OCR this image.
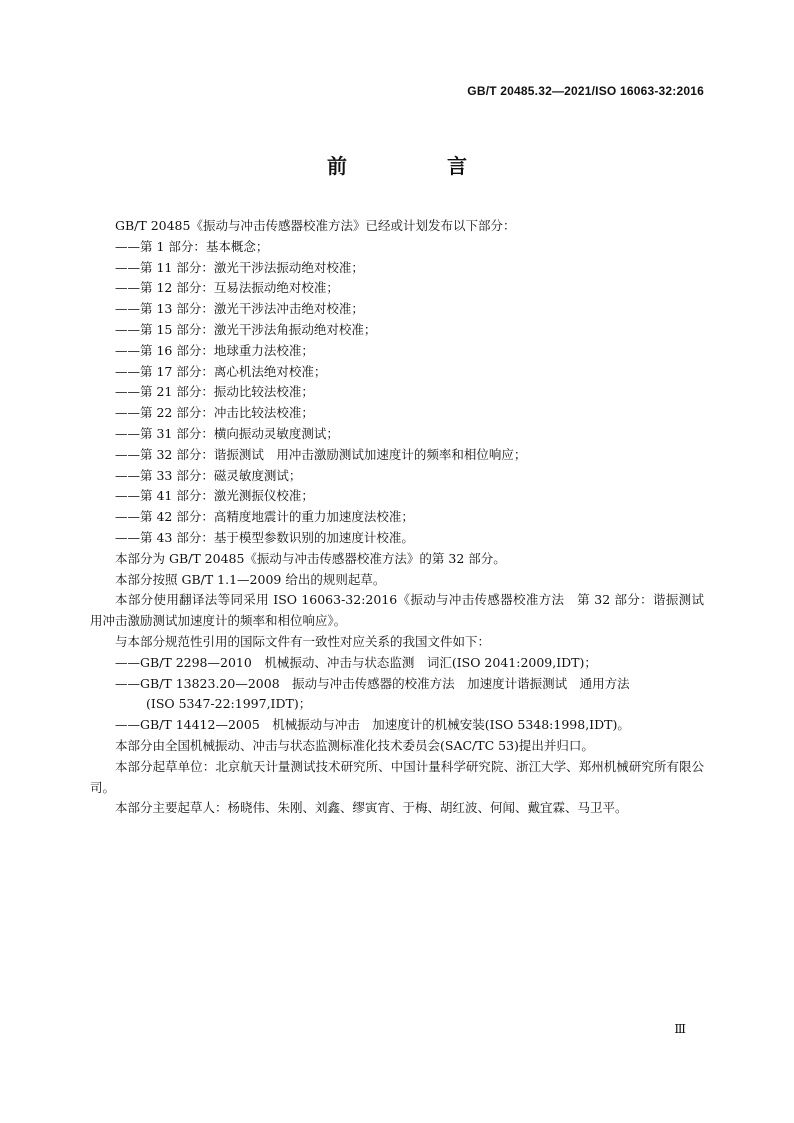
GB/T 20485.32—2021/ISO 16063-32:2016
前　言

GB/T 20485《振动与冲击传感器校准方法》已经或计划发布以下部分：

——第 1 部分：基本概念；

——第 11 部分：激光干涉法振动绝对校准；

——第 12 部分：互易法振动绝对校准；

——第 13 部分：激光干涉法冲击绝对校准；

——第 15 部分：激光干涉法角振动绝对校准；

——第 16 部分：地球重力法校准；

——第 17 部分：离心机法绝对校准；

——第 21 部分：振动比较法校准；

——第 22 部分：冲击比较法校准；

——第 31 部分：横向振动灵敏度测试；

——第 32 部分：谐振测试　用冲击激励测试加速度计的频率和相位响应；

——第 33 部分：磁灵敏度测试；

——第 41 部分：激光测振仪校准；

——第 42 部分：高精度地震计的重力加速度法校准；

——第 43 部分：基于模型参数识别的加速度计校准。

本部分为 GB/T 20485《振动与冲击传感器校准方法》的第 32 部分。

本部分按照 GB/T 1.1—2009 给出的规则起草。

本部分使用翻译法等同采用 ISO 16063-32:2016《振动与冲击传感器校准方法　第 32 部分：谐振测试　用冲击激励测试加速度计的频率和相位响应》。

与本部分规范性引用的国际文件有一致性对应关系的我国文件如下：

——GB/T 2298—2010　机械振动、冲击与状态监测　词汇(ISO 2041:2009,IDT)；

——GB/T 13823.20—2008　振动与冲击传感器的校准方法　加速度计谐振测试　通用方法

(ISO 5347-22:1997,IDT)；

——GB/T 14412—2005　机械振动与冲击　加速度计的机械安装(ISO 5348:1998,IDT)。

本部分由全国机械振动、冲击与状态监测标准化技术委员会(SAC/TC 53)提出并归口。

本部分起草单位：北京航天计量测试技术研究所、中国计量科学研究院、浙江大学、郑州机械研究所有限公司。

本部分主要起草人：杨晓伟、朱刚、刘鑫、缪寅宵、于梅、胡红波、何闻、戴宜霖、马卫平。

Ⅲ
